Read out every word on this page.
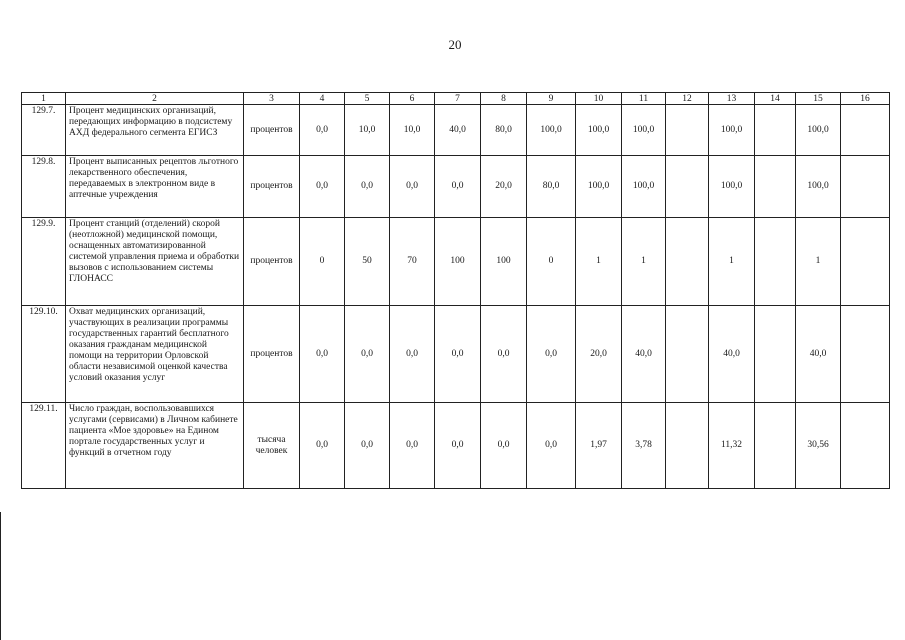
20
1	2	3	4	5	6	7	8	9	10	11	12	13	14	15	16
129.7.	Процент медицинских организаций, передающих информацию в подсистему АХД федерального сегмента ЕГИСЗ	процентов	0,0	10,0	10,0	40,0	80,0	100,0	100,0	100,0		100,0		100,0	
129.8.	Процент выписанных рецептов льготного лекарственного обеспечения, передаваемых в электронном виде в аптечные учреждения	процентов	0,0	0,0	0,0	0,0	20,0	80,0	100,0	100,0		100,0		100,0	
129.9.	Процент станций (отделений) скорой (неотложной) медицинской помощи, оснащенных автоматизированной системой управления приема и обработки вызовов с использованием системы ГЛОНАСС	процентов	0	50	70	100	100	0	1	1		1		1	
129.10.	Охват медицинских организаций, участвующих в реализации программы государственных гарантий бесплатного оказания гражданам медицинской помощи на территории Орловской области независимой оценкой качества условий оказания услуг	процентов	0,0	0,0	0,0	0,0	0,0	0,0	20,0	40,0		40,0		40,0	
129.11.	Число граждан, воспользовавшихся услугами (сервисами) в Личном кабинете пациента «Мое здоровье» на Едином портале государственных услуг и функций в отчетном году	тысяча человек	0,0	0,0	0,0	0,0	0,0	0,0	1,97	3,78		11,32		30,56	
